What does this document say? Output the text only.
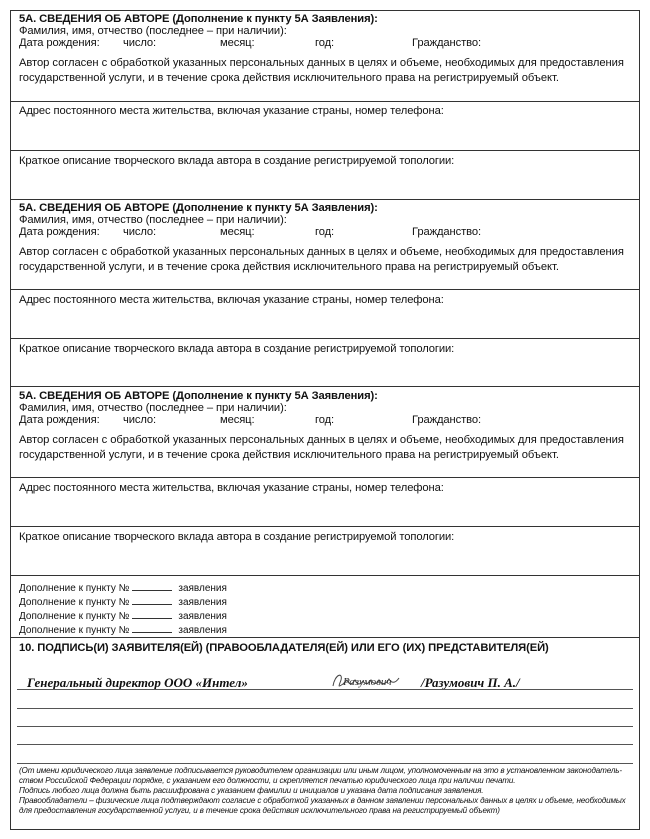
5А. СВЕДЕНИЯ ОБ АВТОРЕ (Дополнение к пункту 5А Заявления):
Фамилия, имя, отчество (последнее – при наличии):
Дата рождения: число:	месяц:	год:	Гражданство:
Автор согласен с обработкой указанных персональных данных в целях и объеме, необходимых для предоставления государственной услуги, и в течение срока действия исключительного права на регистрируемый объект.
Адрес постоянного места жительства, включая указание страны, номер телефона:
Краткое описание творческого вклада автора в создание регистрируемой топологии:
5А. СВЕДЕНИЯ ОБ АВТОРЕ (Дополнение к пункту 5А Заявления):
Фамилия, имя, отчество (последнее – при наличии):
Дата рождения: число:	месяц:	год:	Гражданство:
Автор согласен с обработкой указанных персональных данных в целях и объеме, необходимых для предоставления государственной услуги, и в течение срока действия исключительного права на регистрируемый объект.
Адрес постоянного места жительства, включая указание страны, номер телефона:
Краткое описание творческого вклада автора в создание регистрируемой топологии:
5А. СВЕДЕНИЯ ОБ АВТОРЕ (Дополнение к пункту 5А Заявления):
Фамилия, имя, отчество (последнее – при наличии):
Дата рождения: число:	месяц:	год:	Гражданство:
Автор согласен с обработкой указанных персональных данных в целях и объеме, необходимых для предоставления государственной услуги, и в течение срока действия исключительного права на регистрируемый объект.
Адрес постоянного места жительства, включая указание страны, номер телефона:
Краткое описание творческого вклада автора в создание регистрируемой топологии:
Дополнение к пункту №	заявления
Дополнение к пункту №	заявления
Дополнение к пункту №	заявления
Дополнение к пункту №	заявления
10. ПОДПИСЬ(И) ЗАЯВИТЕЛЯ(ЕЙ) (ПРАВООБЛАДАТЕЛЯ(ЕЙ) ИЛИ ЕГО (ИХ) ПРЕДСТАВИТЕЛЯ(ЕЙ)
Генеральный директор ООО «Интел»	Разумович /Разумович П. А./
(От имени юридического лица заявление подписывается руководителем организации или иным лицом, уполномоченным на это в установленном законодатель-ством Российской Федерации порядке, с указанием его должности, и скрепляется печатью юридического лица при наличии печати.
Подпись любого лица должна быть расшифрована с указанием фамилии и инициалов и указана дата подписания заявления.
Правообладатели – физические лица подтверждают согласие с обработкой указанных в данном заявлении персональных данных в целях и объеме, необходимых для предоставления государственной услуги, и в течение срока действия исключительного права на регистрируемый объект)
